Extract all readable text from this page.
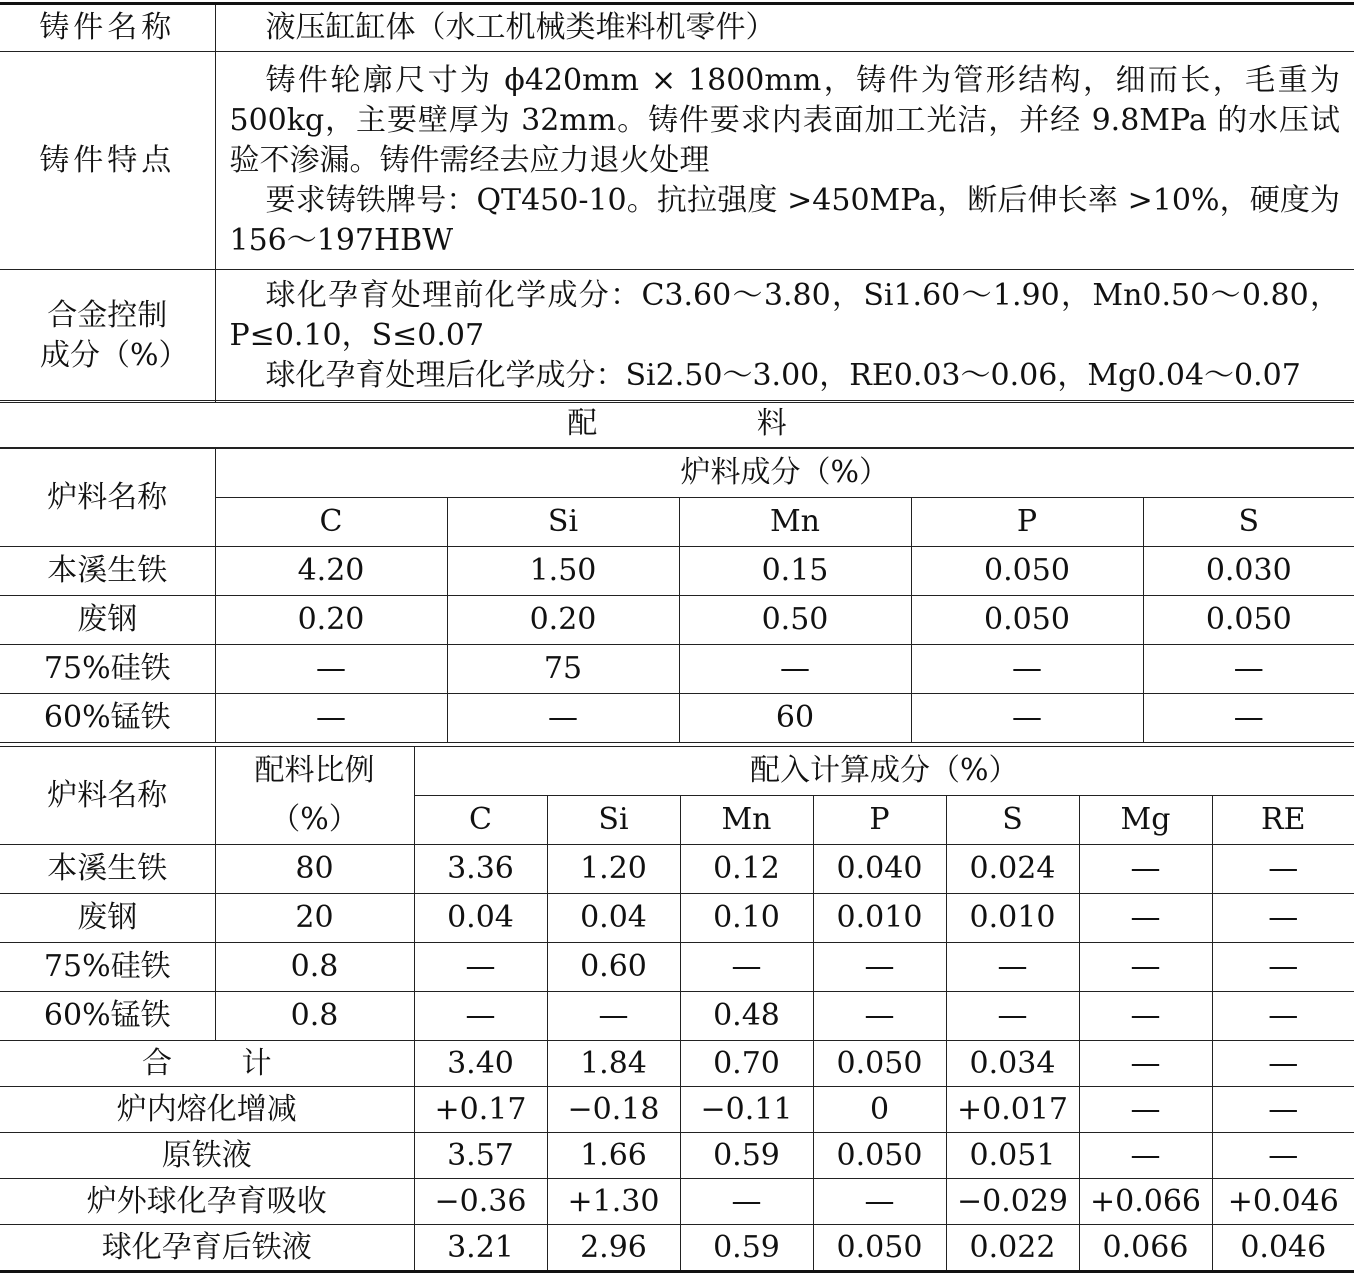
铸件名称	液压缸缸体（水工机械类堆料机零件）
铸件特点	铸件轮廓尺寸为 ϕ420mm × 1800mm，铸件为管形结构，细而长，毛重为 500kg，主要壁厚为 32mm。铸件要求内表面加工光洁，并经 9.8MPa 的水压试验不渗漏。铸件需经去应力退火处理
要求铸铁牌号：QT450-10。抗拉强度 >450MPa，断后伸长率 >10%，硬度为 156～197HBW

合金控制成分（%）	球化孕育处理前化学成分：C3.60～3.80，Si1.60～1.90，Mn0.50～0.80，P≤0.10，S≤0.07
球化孕育处理后化学成分：Si2.50～3.00，RE0.03～0.06，Mg0.04～0.07
配 料
炉料名称	炉料成分（%）				
	C	Si	Mn	P	S
本溪生铁	4.20	1.50	0.15	0.050	0.030
废钢	0.20	0.20	0.50	0.050	0.050
75%硅铁	—	75	—	—	—
60%锰铁	—	—	60	—	—
炉料名称	配料比例	配入计算成分（%）						
	（%）	C	Si	Mn	P	S	Mg	RE
本溪生铁	80	3.36	1.20	0.12	0.040	0.024	—	—
废钢	20	0.04	0.04	0.10	0.010	0.010	—	—
75%硅铁	0.8	—	0.60	—	—	—	—	—
60%锰铁	0.8	—	—	0.48	—	—	—	—
合 计		3.40	1.84	0.70	0.050	0.034	—	—
炉内熔化增减		+0.17	−0.18	−0.11	0	+0.017	—	—
原铁液		3.57	1.66	0.59	0.050	0.051	—	—
炉外球化孕育吸收		−0.36	+1.30	—	—	−0.029	+0.066	+0.046
球化孕育后铁液		3.21	2.96	0.59	0.050	0.022	0.066	0.046
